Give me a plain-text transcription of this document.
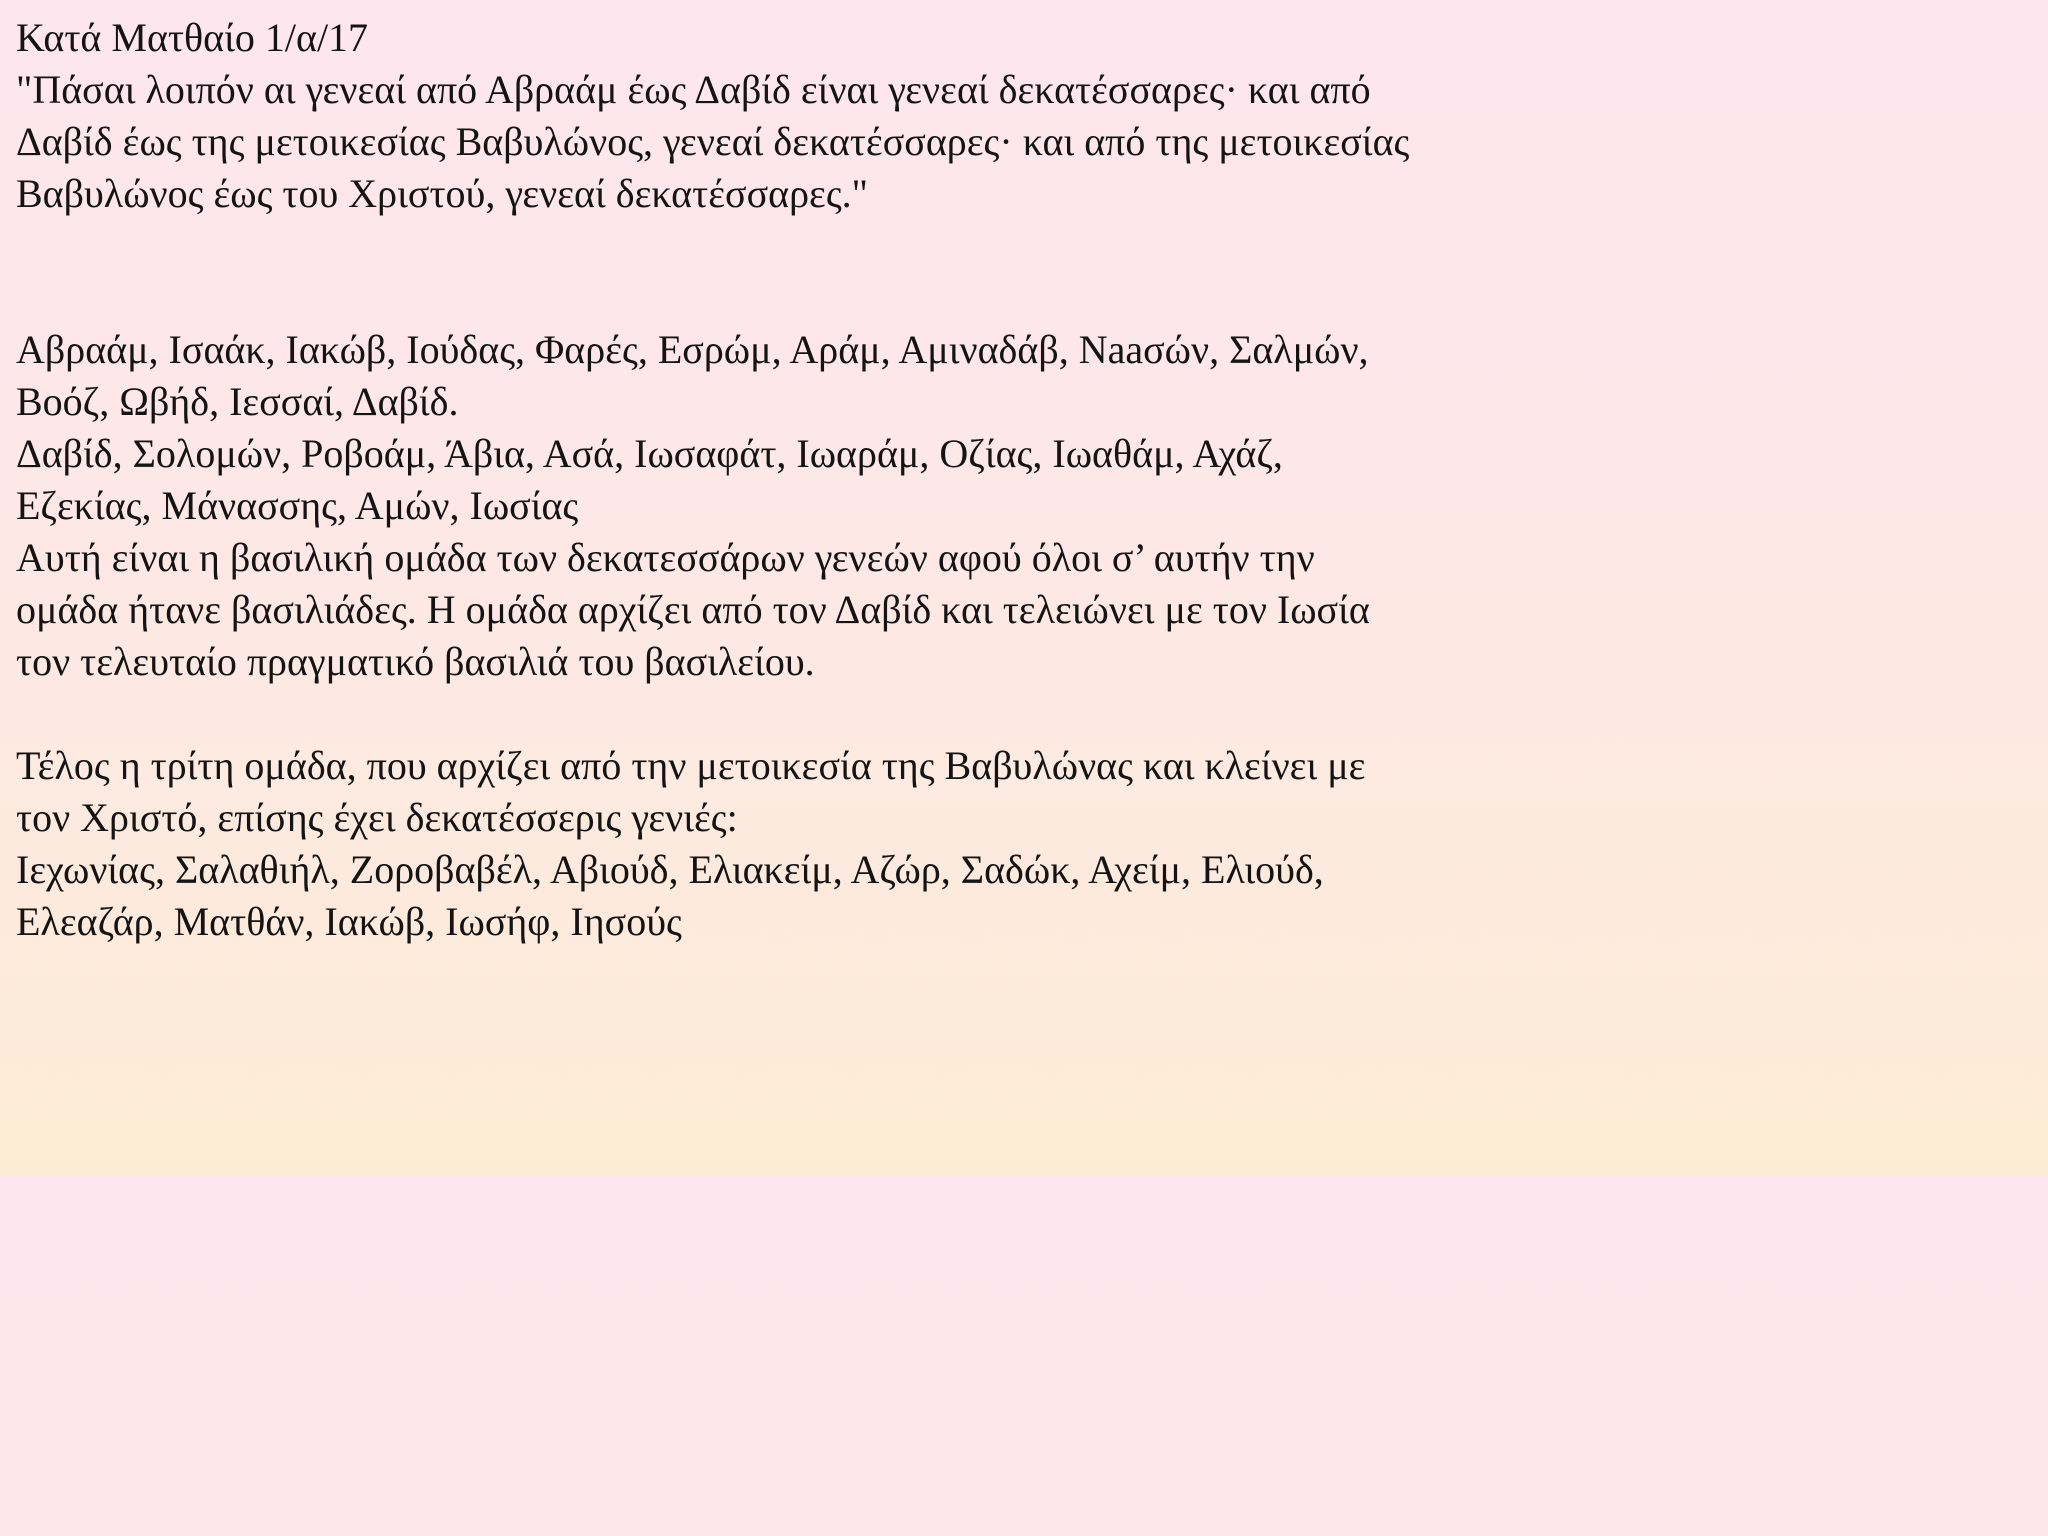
Κατά Ματθαίο 1/α/17

"Πάσαι λοιπόν αι γενεαί από Αβραάμ έως Δαβίδ είναι γενεαί δεκατέσσαρες· και από
Δαβίδ έως της μετοικεσίας Βαβυλώνος, γενεαί δεκατέσσαρες· και από της μετοικεσίας
Βαβυλώνος έως του Χριστού, γενεαί δεκατέσσαρες."

Αβραάμ, Ισαάκ, Ιακώβ, Ιούδας, Φαρές, Εσρώμ, Αράμ, Αμιναδάβ, Νaaσών, Σαλμών,
Βοόζ, Ωβήδ, Ιεσσαί, Δαβίδ.

Δαβίδ, Σολομών, Ροβοάμ, Άβια, Ασά, Ιωσαφάτ, Ιωαράμ, Οζίας, Ιωαθάμ, Αχάζ,
Εζεκίας, Μάνασσης, Αμών, Ιωσίας

Αυτή είναι η βασιλική ομάδα των δεκατεσσάρων γενεών αφού όλοι σ’ αυτήν την
ομάδα ήτανε βασιλιάδες. Η ομάδα αρχίζει από τον Δαβίδ και τελειώνει με τον Ιωσία
τον τελευταίο πραγματικό βασιλιά του βασιλείου.

Τέλος η τρίτη ομάδα, που αρχίζει από την μετοικεσία της Βαβυλώνας και κλείνει με
τον Χριστό, επίσης έχει δεκατέσσερις γενιές:

Ιεχωνίας, Σαλαθιήλ, Ζοροβαβέλ, Αβιούδ, Ελιακείμ, Αζώρ, Σαδώκ, Αχείμ, Ελιούδ,
Ελεαζάρ, Ματθάν, Ιακώβ, Ιωσήφ, Ιησούς
